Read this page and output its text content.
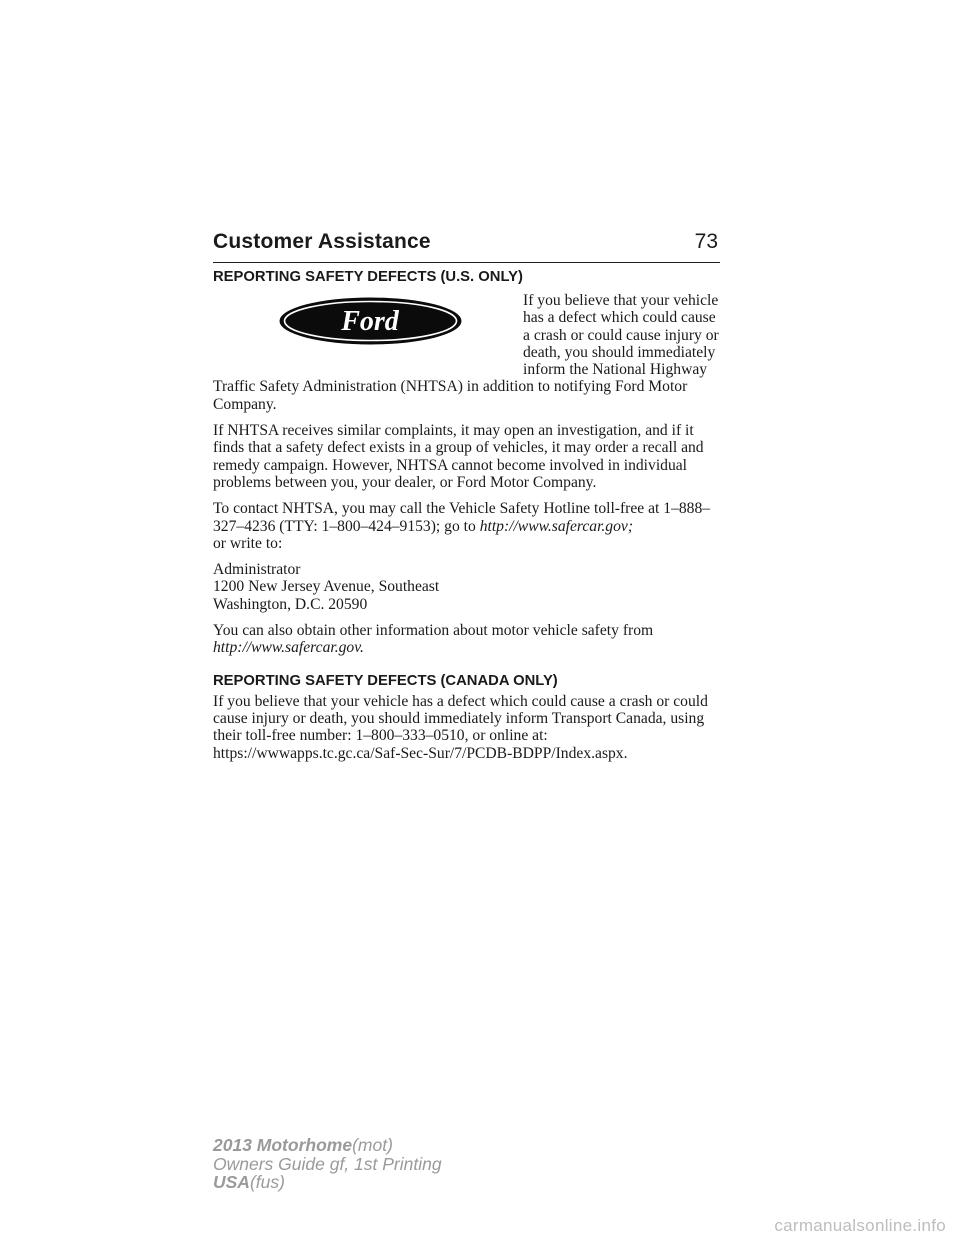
Customer Assistance	73
REPORTING SAFETY DEFECTS (U.S. ONLY)
Ford

If you believe that your vehicle has a defect which could cause a crash or could cause injury or death, you should immediately inform the National Highway Traffic Safety Administration (NHTSA) in addition to notifying Ford Motor Company.

If NHTSA receives similar complaints, it may open an investigation, and if it finds that a safety defect exists in a group of vehicles, it may order a recall and remedy campaign. However, NHTSA cannot become involved in individual problems between you, your dealer, or Ford Motor Company.

To contact NHTSA, you may call the Vehicle Safety Hotline toll-free at 1–888–327–4236 (TTY: 1–800–424–9153); go to http://www.safercar.gov;
or write to:

Administrator
1200 New Jersey Avenue, Southeast
Washington, D.C. 20590

You can also obtain other information about motor vehicle safety from
http://www.safercar.gov.

REPORTING SAFETY DEFECTS (CANADA ONLY)

If you believe that your vehicle has a defect which could cause a crash or could cause injury or death, you should immediately inform Transport Canada, using their toll-free number: 1–800–333–0510, or online at: https://wwwapps.tc.gc.ca/Saf-Sec-Sur/7/PCDB-BDPP/Index.aspx.

2013 Motorhome(mot)
Owners Guide gf, 1st Printing
USA(fus)
carmanualsonline.info
